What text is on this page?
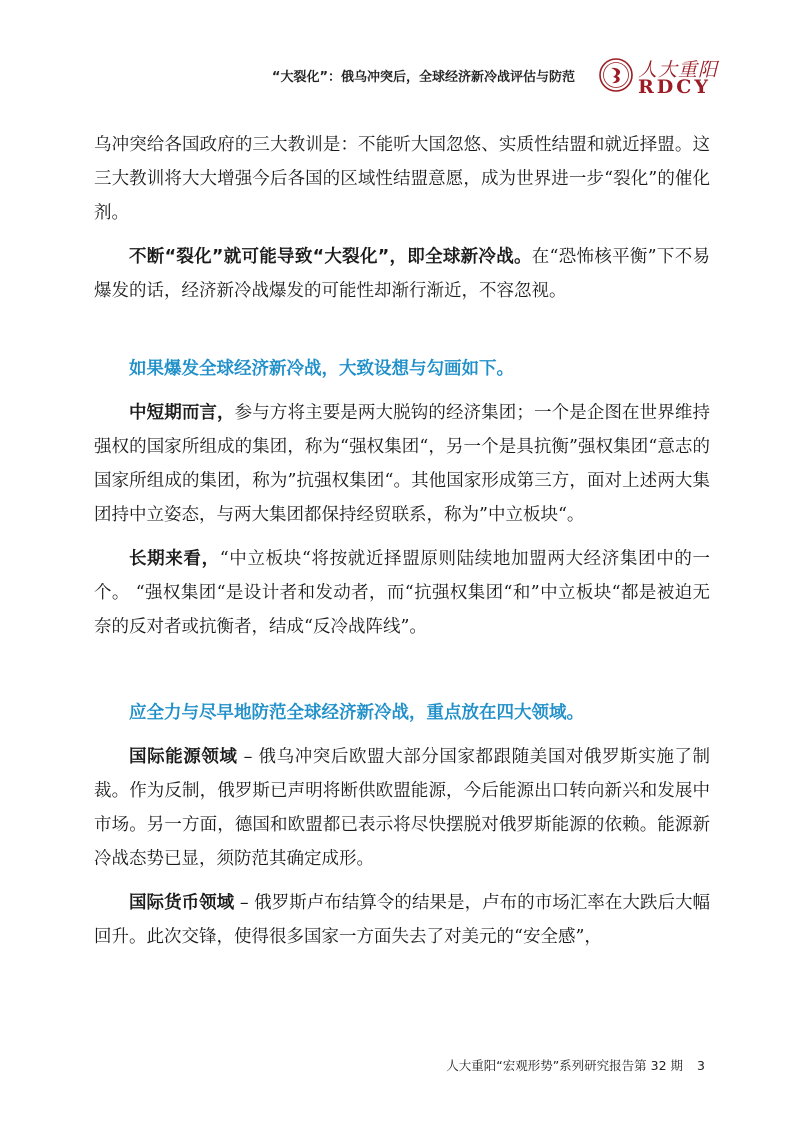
“大裂化”：俄乌冲突后，全球经济新冷战评估与防范	人大重阳
RDCY

乌冲突给各国政府的三大教训是：不能听大国忽悠、实质性结盟和就近择盟。这三大教训将大大增强今后各国的区域性结盟意愿，成为世界进一步“裂化”的催化剂。

不断“裂化”就可能导致“大裂化”，即全球新冷战。在“恐怖核平衡”下不易爆发的话，经济新冷战爆发的可能性却渐行渐近，不容忽视。

如果爆发全球经济新冷战，大致设想与勾画如下。

中短期而言，参与方将主要是两大脱钩的经济集团；一个是企图在世界维持强权的国家所组成的集团，称为“强权集团“，另一个是具抗衡”强权集团“意志的国家所组成的集团，称为”抗强权集团“。其他国家形成第三方，面对上述两大集团持中立姿态，与两大集团都保持经贸联系，称为”中立板块“。

长期来看，“中立板块“将按就近择盟原则陆续地加盟两大经济集团中的一个。 “强权集团“是设计者和发动者，而“抗强权集团“和”中立板块“都是被迫无奈的反对者或抗衡者，结成“反冷战阵线”。

应全力与尽早地防范全球经济新冷战，重点放在四大领域。

国际能源领域 – 俄乌冲突后欧盟大部分国家都跟随美国对俄罗斯实施了制裁。作为反制，俄罗斯已声明将断供欧盟能源，今后能源出口转向新兴和发展中市场。另一方面，德国和欧盟都已表示将尽快摆脱对俄罗斯能源的依赖。能源新冷战态势已显，须防范其确定成形。

国际货币领域 – 俄罗斯卢布结算令的结果是，卢布的市场汇率在大跌后大幅回升。此次交锋，使得很多国家一方面失去了对美元的“安全感”，

人大重阳“宏观形势”系列研究报告第 32 期 3
